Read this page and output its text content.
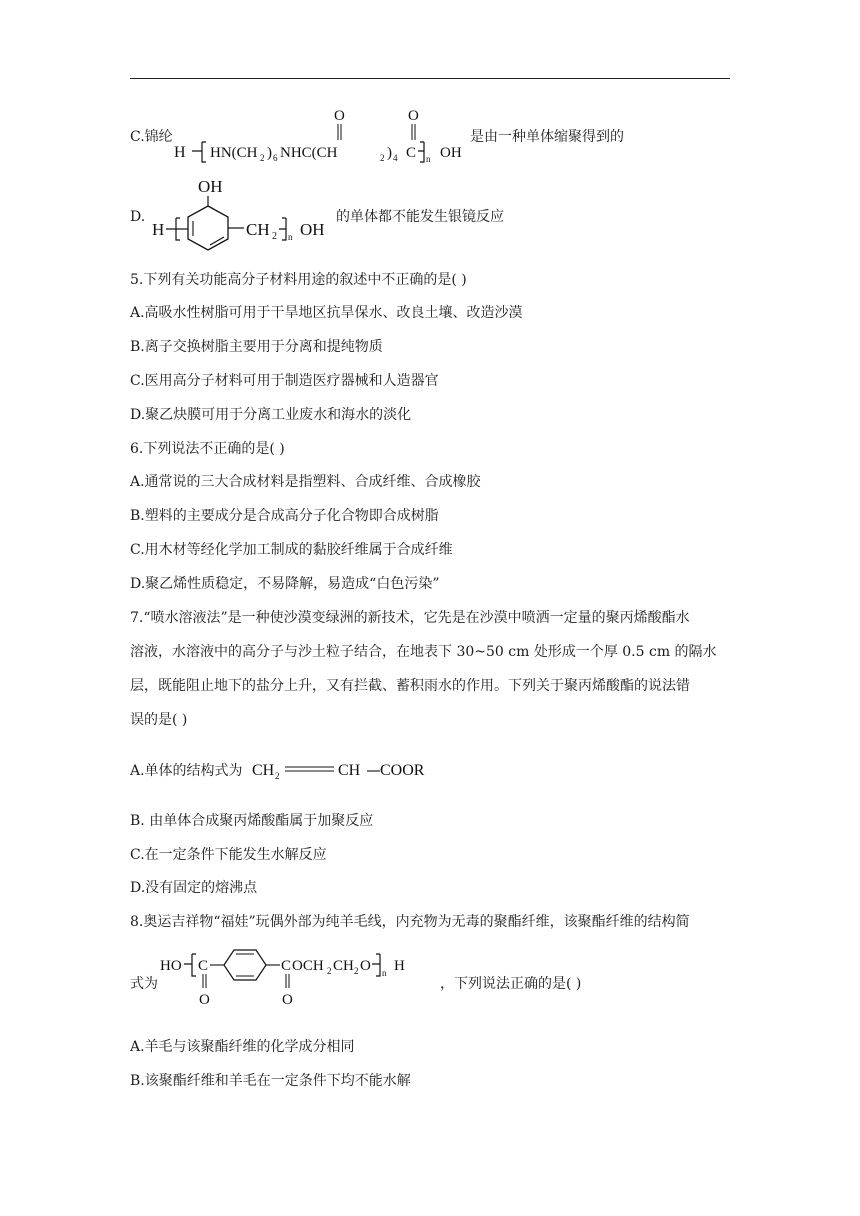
C.锦纶
O	O
H HN(CH 2 ) 6 NHC(CH	2 ) 4 C n OH
是由一种单体缩聚得到的
D.
OH
H	CH 2 n OH
的单体都不能发生银镜反应
5.下列有关功能高分子材料用途的叙述中不正确的是( )
A.高吸水性树脂可用于干旱地区抗旱保水、改良土壤、改造沙漠
B.离子交换树脂主要用于分离和提纯物质
C.医用高分子材料可用于制造医疗器械和人造器官
D.聚乙炔膜可用于分离工业废水和海水的淡化
6.下列说法不正确的是( )
A.通常说的三大合成材料是指塑料、合成纤维、合成橡胶
B.塑料的主要成分是合成高分子化合物即合成树脂
C.用木材等经化学加工制成的黏胶纤维属于合成纤维
D.聚乙烯性质稳定，不易降解，易造成“白色污染”
7.“喷水溶液法”是一种使沙漠变绿洲的新技术，它先是在沙漠中喷洒一定量的聚丙烯酸酯水
溶液，水溶液中的高分子与沙土粒子结合，在地表下 30~50 cm 处形成一个厚 0.5 cm 的隔水
层，既能阻止地下的盐分上升，又有拦截、蓄积雨水的作用。下列关于聚丙烯酸酯的说法错
误的是( )
A.单体的结构式为 CH 2	CH COOR
B. 由单体合成聚丙烯酸酯属于加聚反应
C.在一定条件下能发生水解反应
D.没有固定的熔沸点
8.奥运吉祥物“福娃”玩偶外部为纯羊毛线，内充物为无毒的聚酯纤维，该聚酯纤维的结构简
式为
HO C
O
C
O
OCH 2 CH 2 O n H
，下列说法正确的是( )
A.羊毛与该聚酯纤维的化学成分相同
B.该聚酯纤维和羊毛在一定条件下均不能水解
